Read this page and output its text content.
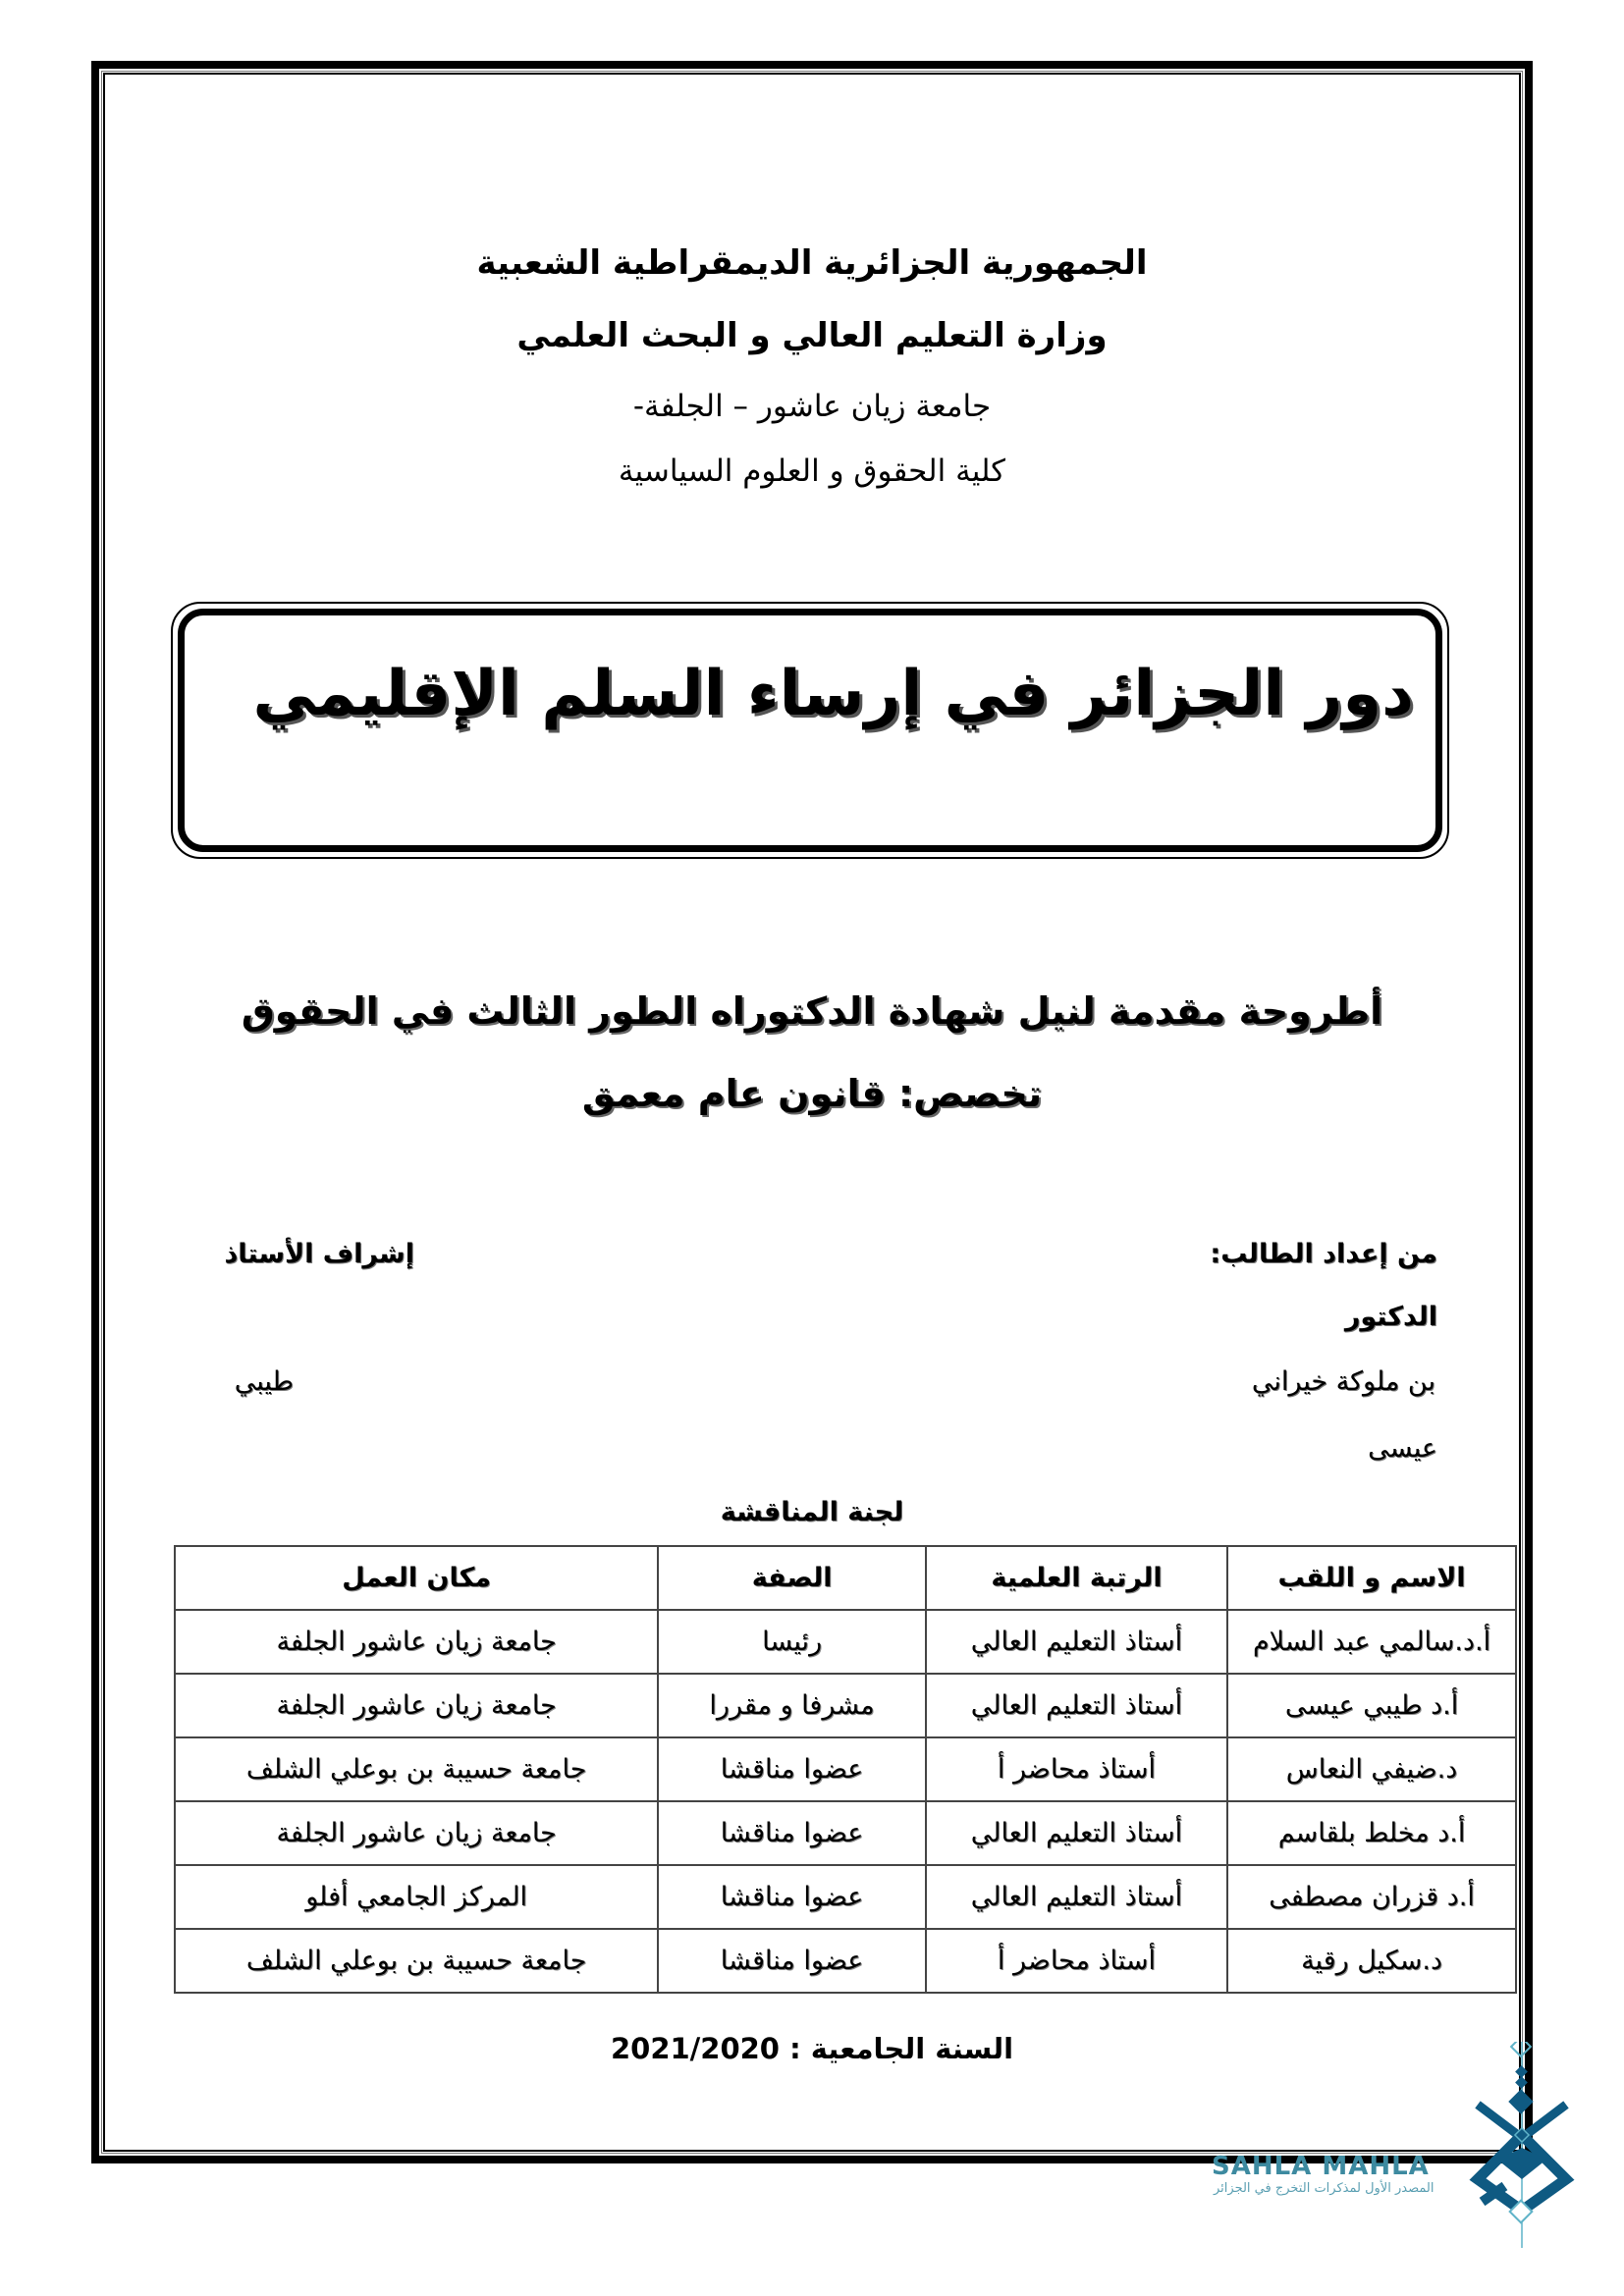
الجمهورية الجزائرية الديمقراطية الشعبية
وزارة التعليم العالي و البحث العلمي
جامعة زيان عاشور – الجلفة-
كلية الحقوق و العلوم السياسية
دور الجزائر في إرساء السلم الإقليمي
أطروحة مقدمة لنيل شهادة الدكتوراه الطور الثالث في الحقوق
تخصص: قانون عام معمق
من إعداد الطالب:
إشراف الأستاذ
الدكتور
بن ملوكة خيراني
طيبي
عيسى
لجنة المناقشة
الاسم و اللقب	الرتبة العلمية	الصفة	مكان العمل
أ.د.سالمي عبد السلام	أستاذ التعليم العالي	رئيسا	جامعة زيان عاشور الجلفة
أ.د طيبي عيسى	أستاذ التعليم العالي	مشرفا و مقررا	جامعة زيان عاشور الجلفة
د.ضيفي النعاس	أستاذ محاضر أ	عضوا مناقشا	جامعة حسيبة بن بوعلي الشلف
أ.د مخلط بلقاسم	أستاذ التعليم العالي	عضوا مناقشا	جامعة زيان عاشور الجلفة
أ.د قزران مصطفى	أستاذ التعليم العالي	عضوا مناقشا	المركز الجامعي أفلو
د.سكيل رقية	أستاذ محاضر أ	عضوا مناقشا	جامعة حسيبة بن بوعلي الشلف
السنة الجامعية : 2021/2020
SAHLA MAHLA
المصدر الأول لمذكرات التخرج في الجزائر
